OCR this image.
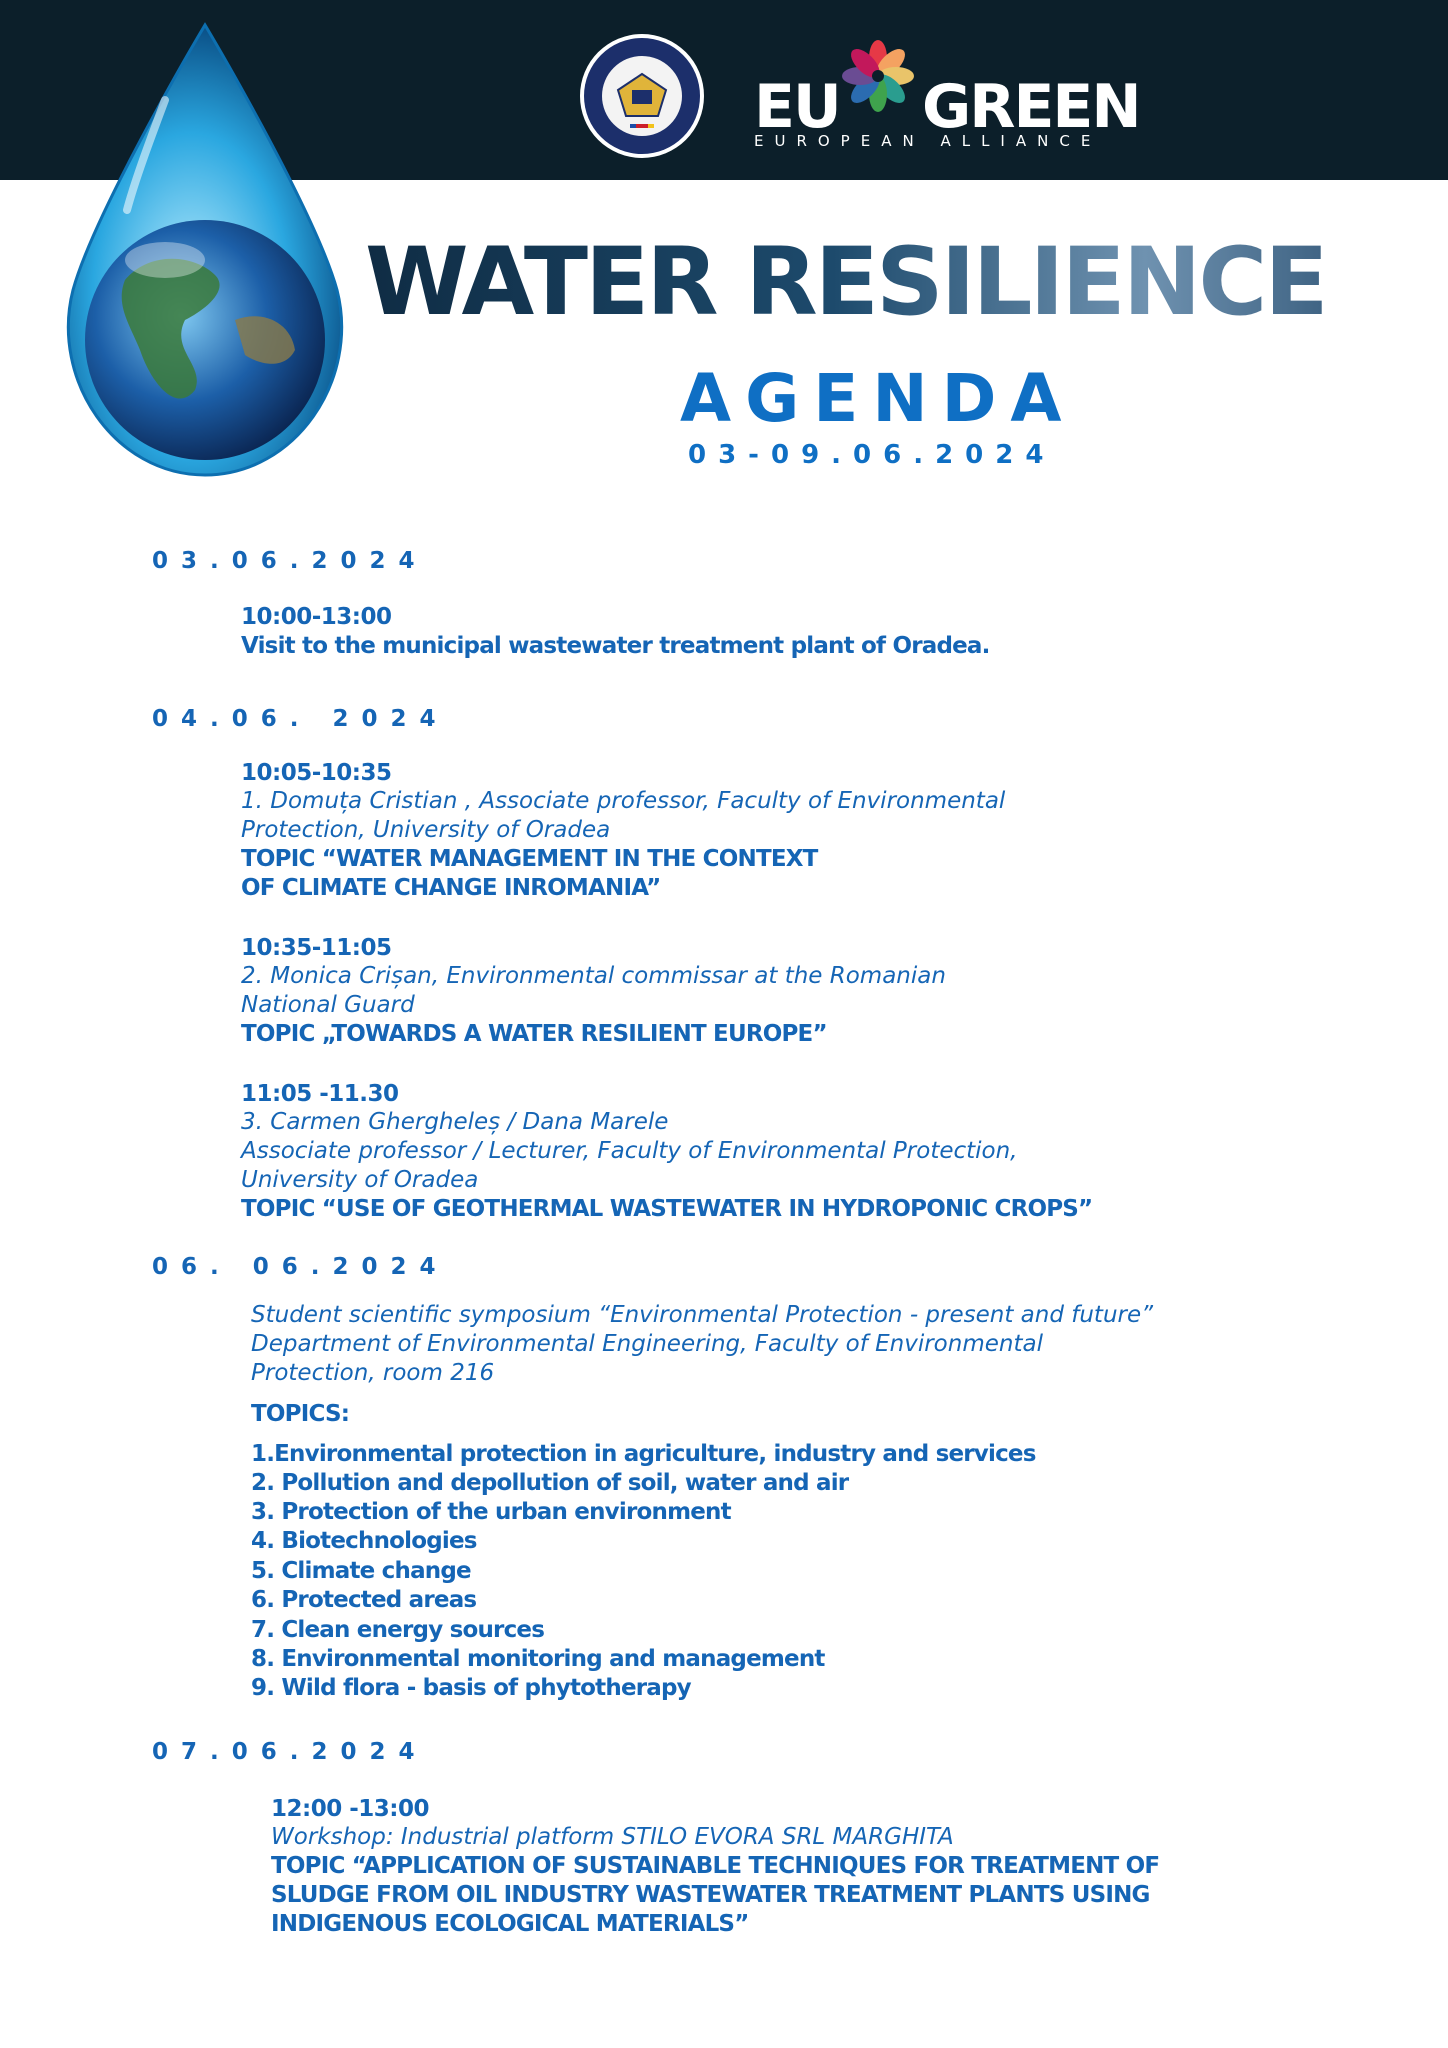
EU GREEN
EUROPEAN ALLIANCE
WATER RESILIENCE
AGENDA
03-09.06.2024
03.06.2024
10:00-13:00
Visit to the municipal wastewater treatment plant of Oradea.
04.06. 2024
10:05-10:35
1. Domuța Cristian , Associate professor, Faculty of Environmental
Protection, University of Oradea
TOPIC “WATER MANAGEMENT IN THE CONTEXT
OF CLIMATE CHANGE INROMANIA”
10:35-11:05
2. Monica Crișan, Environmental commissar at the Romanian
National Guard
TOPIC „TOWARDS A WATER RESILIENT EUROPE”
11:05 -11.30
3. Carmen Ghergheleș / Dana Marele
Associate professor / Lecturer, Faculty of Environmental Protection,
University of Oradea
TOPIC “USE OF GEOTHERMAL WASTEWATER IN HYDROPONIC CROPS”
06. 06.2024
Student scientific symposium “Environmental Protection - present and future”
Department of Environmental Engineering, Faculty of Environmental
Protection, room 216
TOPICS:
1.Environmental protection in agriculture, industry and services
2. Pollution and depollution of soil, water and air
3. Protection of the urban environment
4. Biotechnologies
5. Climate change
6. Protected areas
7. Clean energy sources
8. Environmental monitoring and management
9. Wild flora - basis of phytotherapy
07.06.2024
12:00 -13:00
Workshop: Industrial platform STILO EVORA SRL MARGHITA
TOPIC “APPLICATION OF SUSTAINABLE TECHNIQUES FOR TREATMENT OF
SLUDGE FROM OIL INDUSTRY WASTEWATER TREATMENT PLANTS USING
INDIGENOUS ECOLOGICAL MATERIALS”
